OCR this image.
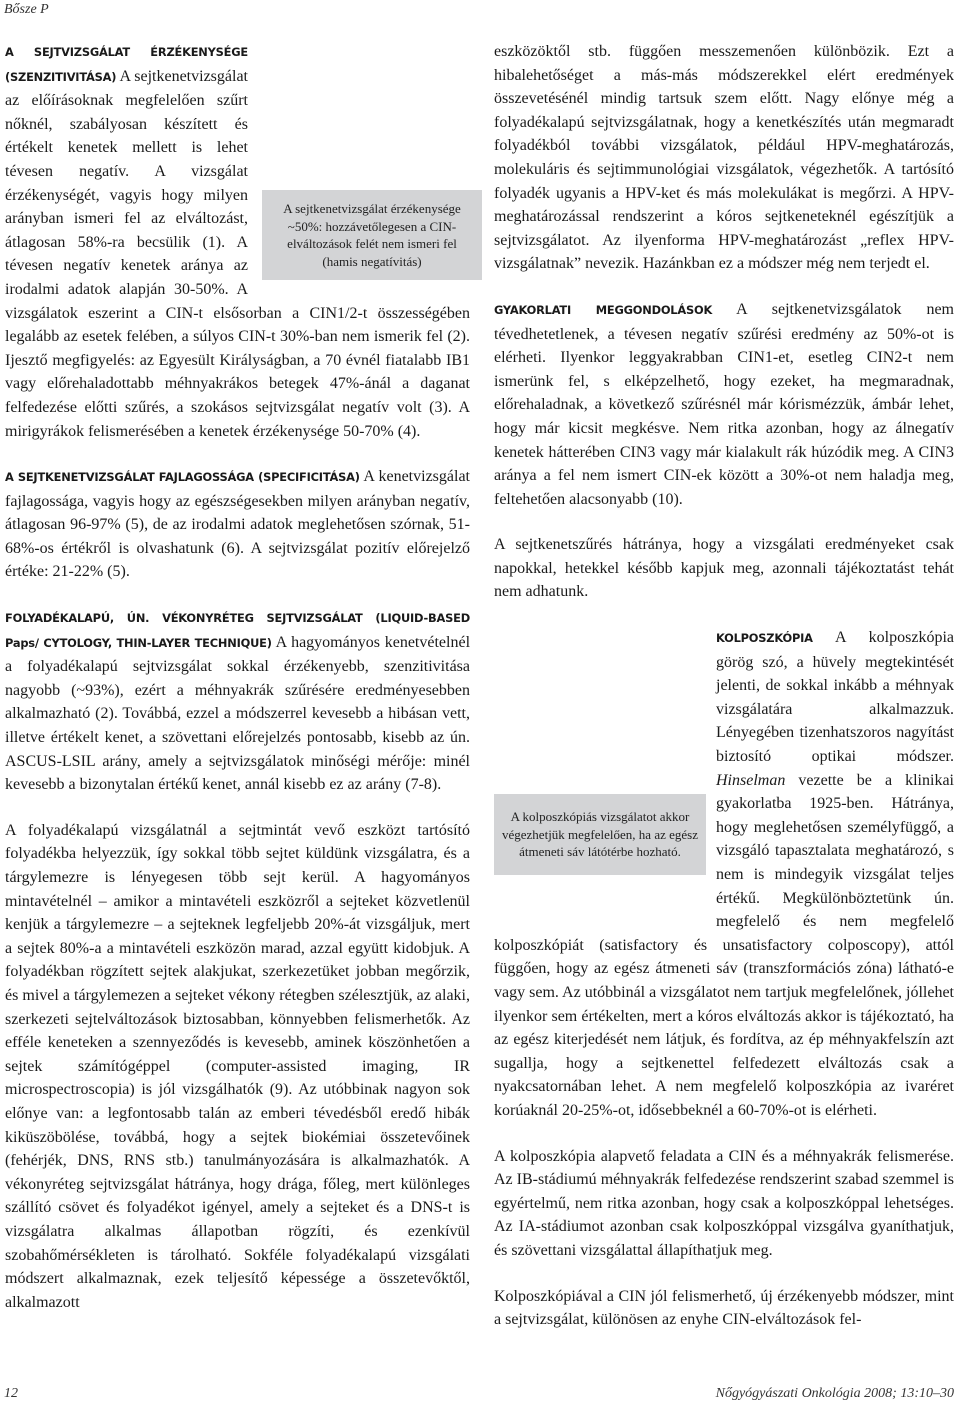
Bősze P

A SEJTVIZSGÁLAT ÉRZÉKENYSÉGE (SZENZITIVITÁSA) A sejtkenetvizsgálat az előírásoknak megfelelően szűrt nőknél, szabályosan készített és értékelt kenetek mellett is lehet tévesen negatív. A vizsgálat érzékenységét, vagyis hogy milyen arányban ismeri fel az elváltozást, átlagosan 58%-ra becsülik (1). A tévesen negatív kenetek aránya az irodalmi adatok alapján 30-50%. A vizsgálatok eszerint a CIN-t elsősorban a CIN1/2-t összességében legalább az esetek felében, a súlyos CIN-t 30%-ban nem ismerik fel (2). Ijesztő megfigyelés: az Egyesült Királyságban, a 70 évnél fiatalabb IB1 vagy előrehaladottabb méhnyakrákos betegek 47%-ánál a daganat felfedezése előtti szűrés, a szokásos sejtvizsgálat negatív volt (3). A mirigyrákok felismerésében a kenetek érzékenysége 50-70% (4).

A sejtkenetvizsgálat érzékenysége ~50%: hozzávetőlegesen a CIN-elváltozások felét nem ismeri fel (hamis negatívitás)

A SEJTKENETVIZSGÁLAT FAJLAGOSSÁGA (SPECIFICITÁSA) A kenetvizsgálat fajlagossága, vagyis hogy az egészségesekben milyen arányban negatív, átlagosan 96-97% (5), de az irodalmi adatok meglehetősen szórnak, 51-68%-os értékről is olvashatunk (6). A sejtvizsgálat pozitív előrejelző értéke: 21-22% (5).

FOLYADÉKALAPÚ, ÚN. VÉKONYRÉTEG SEJTVIZSGÁLAT (LIQUID-BASED Paps/ CYTOLOGY, THIN-LAYER TECHNIQUE) A hagyományos kenetvételnél a folyadékalapú sejtvizsgálat sokkal érzékenyebb, szenzitivitása nagyobb (~93%), ezért a méhnyakrák szűrésére eredményesebben alkalmazható (2). Továbbá, ezzel a módszerrel kevesebb a hibásan vett, illetve értékelt kenet, a szövettani előrejelzés pontosabb, kisebb az ún. ASCUS-LSIL arány, amely a sejtvizsgálatok minőségi mérője: minél kevesebb a bizonytalan értékű kenet, annál kisebb ez az arány (7-8).

A folyadékalapú vizsgálatnál a sejtmintát vevő eszközt tartósító folyadékba helyezzük, így sokkal több sejtet küldünk vizsgálatra, és a tárgylemezre is lényegesen több sejt kerül. A hagyományos mintavételnél – amikor a mintavételi eszközről a sejteket közvetlenül kenjük a tárgylemezre – a sejteknek legfeljebb 20%-át vizsgáljuk, mert a sejtek 80%-a a mintavételi eszközön marad, azzal együtt kidobjuk. A folyadékban rögzített sejtek alakjukat, szerkezetüket jobban megőrzik, és mivel a tárgylemezen a sejteket vékony rétegben szélesztjük, az alaki, szerkezeti sejtelváltozások biztosabban, könnyebben felismerhetők. Az efféle keneteken a szennyeződés is kevesebb, aminek köszönhetően a sejtek számítógéppel (computer-assisted imaging, IR microspectroscopia) is jól vizsgálhatók (9). Az utóbbinak nagyon sok előnye van: a legfontosabb talán az emberi tévedésből eredő hibák kiküszöbölése, továbbá, hogy a sejtek biokémiai összetevőinek (fehérjék, DNS, RNS stb.) tanulmányozására is alkalmazhatók. A vékonyréteg sejtvizsgálat hátránya, hogy drága, főleg, mert különleges szállító csövet és folyadékot igényel, amely a sejteket és a DNS-t is vizsgálatra alkalmas állapotban rögzíti, és ezenkívül szobahőmérsékleten is tárolható. Sokféle folyadékalapú vizsgálati módszert alkalmaznak, ezek teljesítő képessége a összetevőktől, alkalmazott

eszközöktől stb. függően messzemenően különbözik. Ezt a hibalehetőséget a más-más módszerekkel elért eredmények összevetésénél mindig tartsuk szem előtt. Nagy előnye még a folyadékalapú sejtvizsgálatnak, hogy a kenetkészítés után megmaradt folyadékból további vizsgálatok, például HPV-meghatározás, molekuláris és sejtimmunológiai vizsgálatok, végezhetők. A tartósító folyadék ugyanis a HPV-ket és más molekulákat is megőrzi. A HPV-meghatározással rendszerint a kóros sejtkeneteknél egészítjük a sejtvizsgálatot. Az ilyenforma HPV-meghatározást „reflex HPV-vizsgálatnak” nevezik. Hazánkban ez a módszer még nem terjedt el.

GYAKORLATI MEGGONDOLÁSOK A sejtkenetvizsgálatok nem tévedhetetlenek, a tévesen negatív szűrési eredmény az 50%-ot is elérheti. Ilyenkor leggyakrabban CIN1-et, esetleg CIN2-t nem ismerünk fel, s elképzelhető, hogy ezeket, ha megmaradnak, előrehaladnak, a következő szűrésnél már kórismézzük, ámbár lehet, hogy már kicsit megkésve. Nem ritka azonban, hogy az álnegatív kenetek hátterében CIN3 vagy már kialakult rák húzódik meg. A CIN3 aránya a fel nem ismert CIN-ek között a 30%-ot nem haladja meg, feltehetően alacsonyabb (10).

A sejtkenetszűrés hátránya, hogy a vizsgálati eredményeket csak napokkal, hetekkel később kapjuk meg, azonnali tájékoztatást tehát nem adhatunk.

KOLPOSZKÓPIA A kolposzkópia görög szó, a hüvely megtekintését jelenti, de sokkal inkább a méhnyak vizsgálatára alkalmazzuk. Lényegében tizenhatszoros nagyítást biztosító optikai módszer. Hinselman vezette be a klinikai gyakorlatba 1925-ben. Hátránya, hogy meglehetősen személyfüggő, a vizsgáló tapasztalata meghatározó, s nem is mindegyik vizsgálat teljes értékű. Megkülönböztetünk ún. megfelelő és nem megfelelő kolposzkópiát (satisfactory és unsatisfactory colposcopy), attól függően, hogy az egész átmeneti sáv (transzformációs zóna) látható-e vagy sem. Az utóbbinál a vizsgálatot nem tartjuk megfelelőnek, jóllehet ilyenkor sem értékelten, mert a kóros elváltozás akkor is tájékoztató, ha az egész kiterjedését nem látjuk, és fordítva, az ép méhnyakfelszín azt sugallja, hogy a sejtkenettel felfedezett elváltozás csak a nyakcsatornában lehet. A nem megfelelő kolposzkópia az ivaréret korúaknál 20-25%-ot, idősebbeknél a 60-70%-ot is elérheti.

A kolposzkópiás vizsgálatot akkor végezhetjük megfelelően, ha az egész átmeneti sáv látótérbe hozható.

A kolposzkópia alapvető feladata a CIN és a méhnyakrák felismerése. Az IB-stádiumú méhnyakrák felfedezése rendszerint szabad szemmel is egyértelmű, nem ritka azonban, hogy csak a kolposzkóppal lehetséges. Az IA-stádiumot azonban csak kolposzkóppal vizsgálva gyaníthatjuk, és szövettani vizsgálattal állapíthatjuk meg.

Kolposzkópiával a CIN jól felismerhető, új érzékenyebb módszer, mint a sejtvizsgálat, különösen az enyhe CIN-elváltozások fel-

12	Nőgyógyászati Onkológia 2008; 13:10–30
